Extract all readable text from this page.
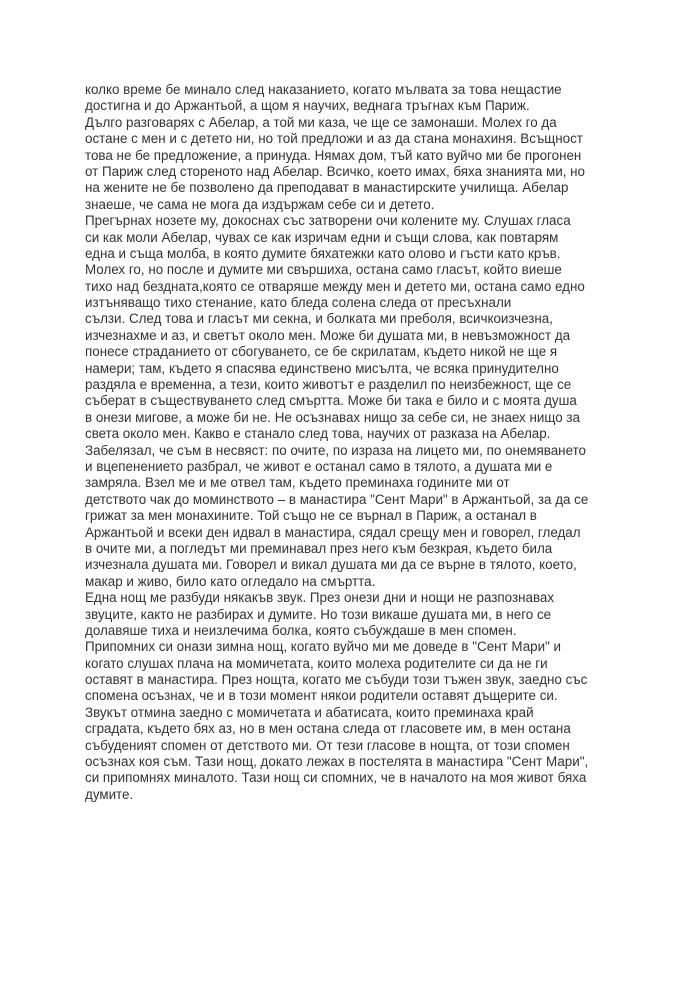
колко време бе минало след наказанието, когато мълвата за това нещастие
достигна и до Аржантьой, а щом я научих, веднага тръгнах към Париж.
Дълго разговарях с Абелар, а той ми каза, че ще се замонаши. Молех го да
остане с мен и с детето ни, но той предложи и аз да стана монахиня. Всъщност
това не бе предложение, а принуда. Нямах дом, тъй като вуйчо ми бе прогонен
от Париж след стореното над Абелар. Всичко, което имах, бяха знанията ми, но
на жените не бе позволено да преподават в манастирските училища. Абелар
знаеше, че сама не мога да издържам себе си и детето.
Прегърнах нозете му, докоснах със затворени очи колените му. Слушах гласа
си как моли Абелар, чувах се как изричам едни и същи слова, как повтарям
една и съща молба, в която думите бяхатежки като олово и гъсти като кръв.
Молех го, но после и думите ми свършиха, остана само гласът, който виеше
тихо над бездната,която се отваряше между мен и детето ми, остана само едно
изтъняващо тихо стенание, като бледа солена следа от пресъхнали
сълзи. След това и гласът ми секна, и болката ми преболя, всичкоизчезна,
изчезнахме и аз, и светът около мен. Може би душата ми, в невъзможност да
понесе страданието от сбогуването, се бе скрилатам, където никой не ще я
намери; там, където я спасява единствено мисълта, че всяка принудително
раздяла е временна, а тези, които животът е разделил по неизбежност, ще се
съберат в съществуването след смъртта. Може би така е било и с моята душа
в онези мигове, а може би не. Не осъзнавах нищо за себе си, не знаех нищо за
света около мен. Какво е станало след това, научих от разказа на Абелар.
Забелязал, че съм в несвяст: по очите, по израза на лицето ми, по онемяването
и вцепенението разбрал, че живот е останал само в тялото, а душата ми е
замряла. Взел ме и ме отвел там, където преминаха годините ми от
детството чак до моминството – в манастира "Сент Мари" в Аржантьой, за да се
грижат за мен монахините. Той също не се върнал в Париж, а останал в
Аржантьой и всеки ден идвал в манастира, сядал срещу мен и говорел, гледал
в очите ми, а погледът ми преминавал през него към безкрая, където била
изчезнала душата ми. Говорел и викал душата ми да се върне в тялото, което,
макар и живо, било като огледало на смъртта.
Една нощ ме разбуди някакъв звук. През онези дни и нощи не разпознавах
звуците, както не разбирах и думите. Но този викаше душата ми, в него се
долавяше тиха и неизлечима болка, която събуждаше в мен спомен.
Припомних си онази зимна нощ, когато вуйчо ми ме доведе в "Сент Мари" и
когато слушах плача на момичетата, които молеха родителите си да не ги
оставят в манастира. През нощта, когато ме събуди този тъжен звук, заедно със
спомена осъзнах, че и в този момент някои родители оставят дъщерите си.
Звукът отмина заедно с момичетата и абатисата, които преминаха край
сградата, където бях аз, но в мен остана следа от гласовете им, в мен остана
събуденият спомен от детството ми. От тези гласове в нощта, от този спомен
осъзнах коя съм. Тази нощ, докато лежах в постелята в манастира "Сент Мари",
си припомнях миналото. Тази нощ си спомних, че в началото на моя живот бяха
думите.
